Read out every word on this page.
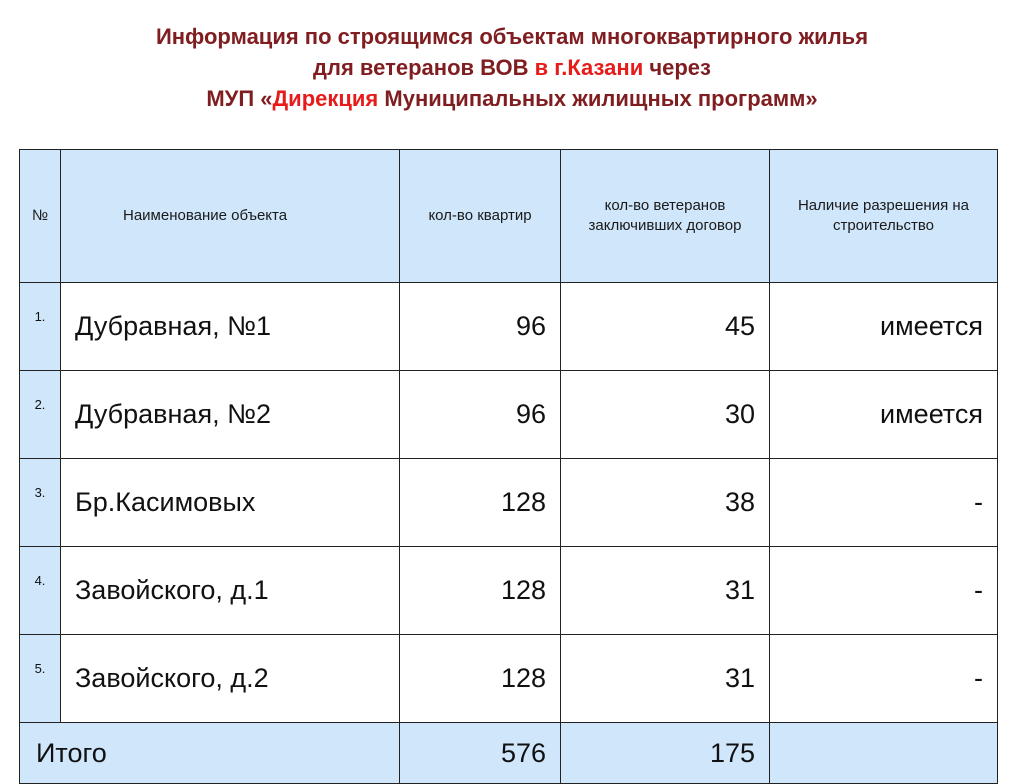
Информация по строящимся объектам многоквартирного жилья
для ветеранов ВОВ в г.Казани через
МУП «Дирекция Муниципальных жилищных программ»
№	Наименование объекта	кол-во квартир	кол-во ветеранов заключивших договор	Наличие разрешения на строительство
1.	Дубравная, №1	96	45	имеется
2.	Дубравная, №2	96	30	имеется
3.	Бр.Касимовых	128	38	-
4.	Завойского, д.1	128	31	-
5.	Завойского, д.2	128	31	-
Итого		576	175	
